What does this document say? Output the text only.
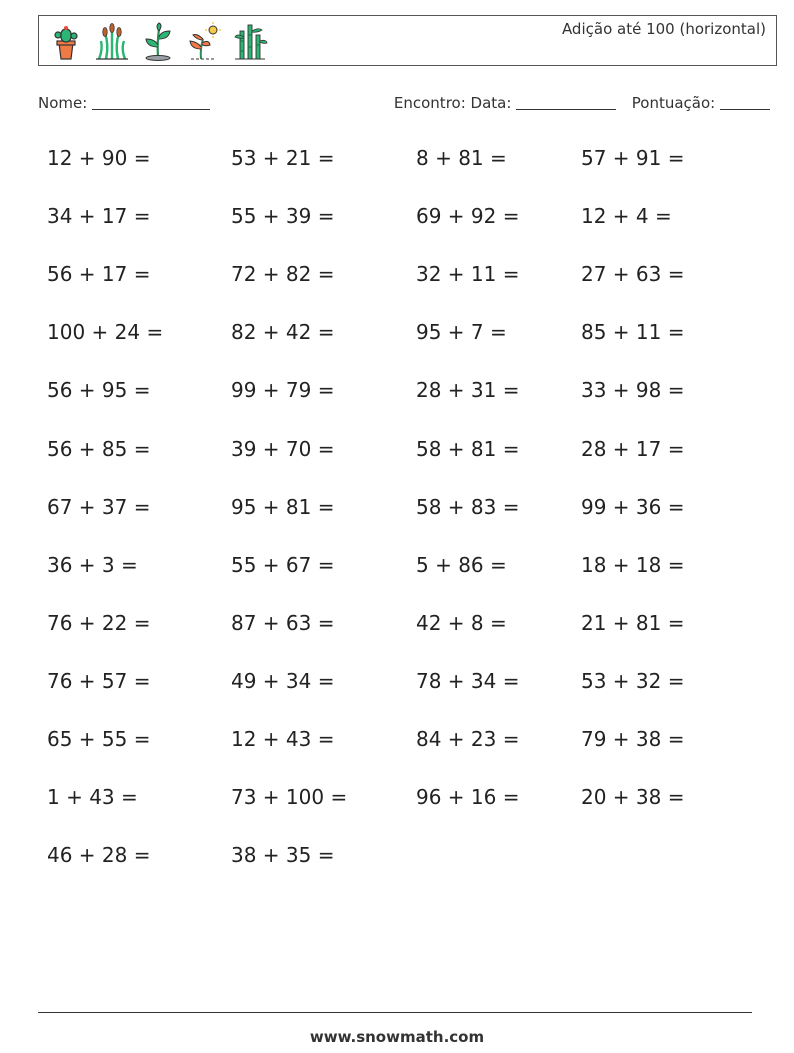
Adição até 100 (horizontal)
Nome:	Encontro: Data:	Pontuação:
12 + 90 =	53 + 21 =	8 + 81 =	57 + 91 =
34 + 17 =	55 + 39 =	69 + 92 =	12 + 4 =
56 + 17 =	72 + 82 =	32 + 11 =	27 + 63 =
100 + 24 =	82 + 42 =	95 + 7 =	85 + 11 =
56 + 95 =	99 + 79 =	28 + 31 =	33 + 98 =
56 + 85 =	39 + 70 =	58 + 81 =	28 + 17 =
67 + 37 =	95 + 81 =	58 + 83 =	99 + 36 =
36 + 3 =	55 + 67 =	5 + 86 =	18 + 18 =
76 + 22 =	87 + 63 =	42 + 8 =	21 + 81 =
76 + 57 =	49 + 34 =	78 + 34 =	53 + 32 =
65 + 55 =	12 + 43 =	84 + 23 =	79 + 38 =
1 + 43 =	73 + 100 =	96 + 16 =	20 + 38 =
46 + 28 =	38 + 35 =
www.snowmath.com
